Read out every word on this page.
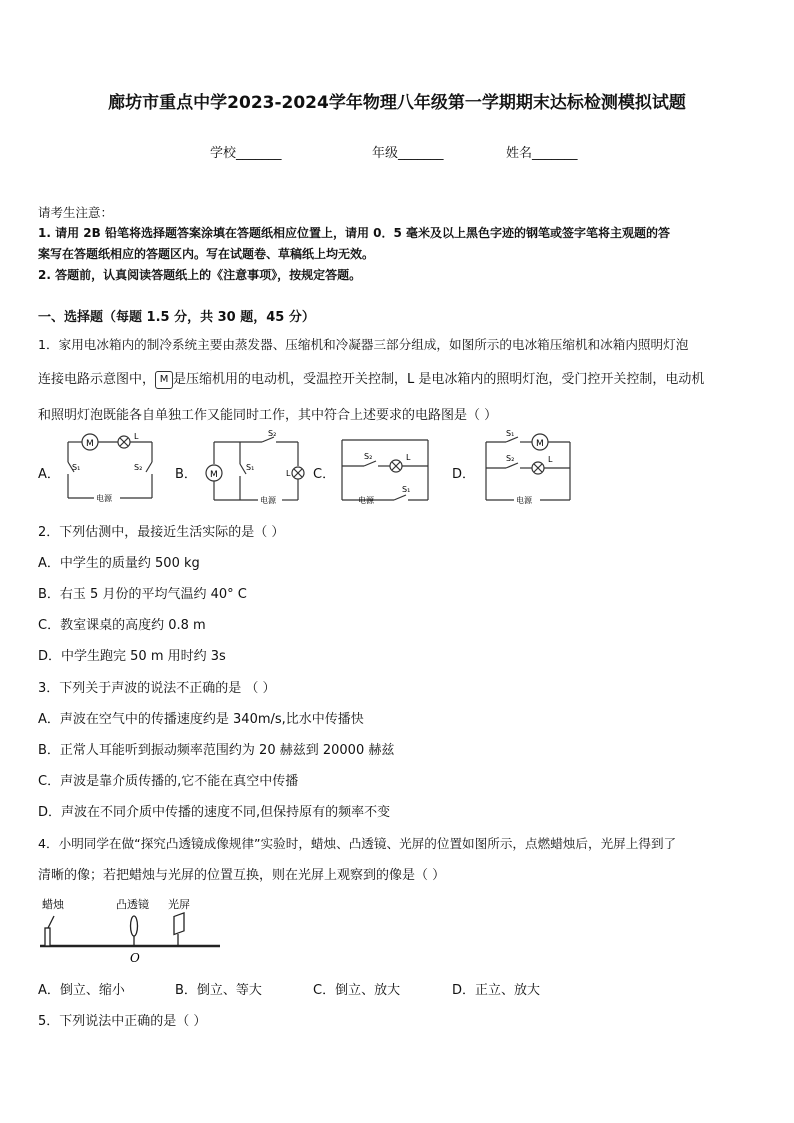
廊坊市重点中学2023-2024学年物理八年级第一学期期末达标检测模拟试题
学校_______	年级_______	姓名_______
请考生注意：
1. 请用 2B 铅笔将选择题答案涂填在答题纸相应位置上，请用 0．5 毫米及以上黑色字迹的钢笔或签字笔将主观题的答
案写在答题纸相应的答题区内。写在试题卷、草稿纸上均无效。
2. 答题前，认真阅读答题纸上的《注意事项》，按规定答题。
一、选择题（每题 1.5 分，共 30 题，45 分）
1．家用电冰箱内的制冷系统主要由蒸发器、压缩机和冷凝器三部分组成，如图所示的电冰箱压缩机和冰箱内照明灯泡
连接电路示意图中， M 是压缩机用的电动机，受温控开关控制，L 是电冰箱内的照明灯泡，受门控开关控制，电动机
和照明灯泡既能各自单独工作又能同时工作，其中符合上述要求的电路图是（ ）
A．	B．	C．	D．
M
L
S₁	S₂
电源
M	L
S₁
S₂
电源
S₂	L
S₁
电源
S₁
M
S₂	L
电源
2．下列估测中，最接近生活实际的是（ ）
A．中学生的质量约 500 kg
B．右玉 5 月份的平均气温约 40° C
C．教室课桌的高度约 0.8 m
D．中学生跑完 50 m 用时约 3s
3．下列关于声波的说法不正确的是 （ ）
A．声波在空气中的传播速度约是 340m/s,比水中传播快
B．正常人耳能听到振动频率范围约为 20 赫兹到 20000 赫兹
C．声波是靠介质传播的,它不能在真空中传播
D．声波在不同介质中传播的速度不同,但保持原有的频率不变
4．小明同学在做“探究凸透镜成像规律”实验时，蜡烛、凸透镜、光屏的位置如图所示，点燃蜡烛后，光屏上得到了
清晰的像；若把蜡烛与光屏的位置互换，则在光屏上观察到的像是（ ）
蜡烛	凸透镜 光屏
O
A．倒立、缩小	B．倒立、等大	C．倒立、放大	D．正立、放大
5．下列说法中正确的是（ ）
